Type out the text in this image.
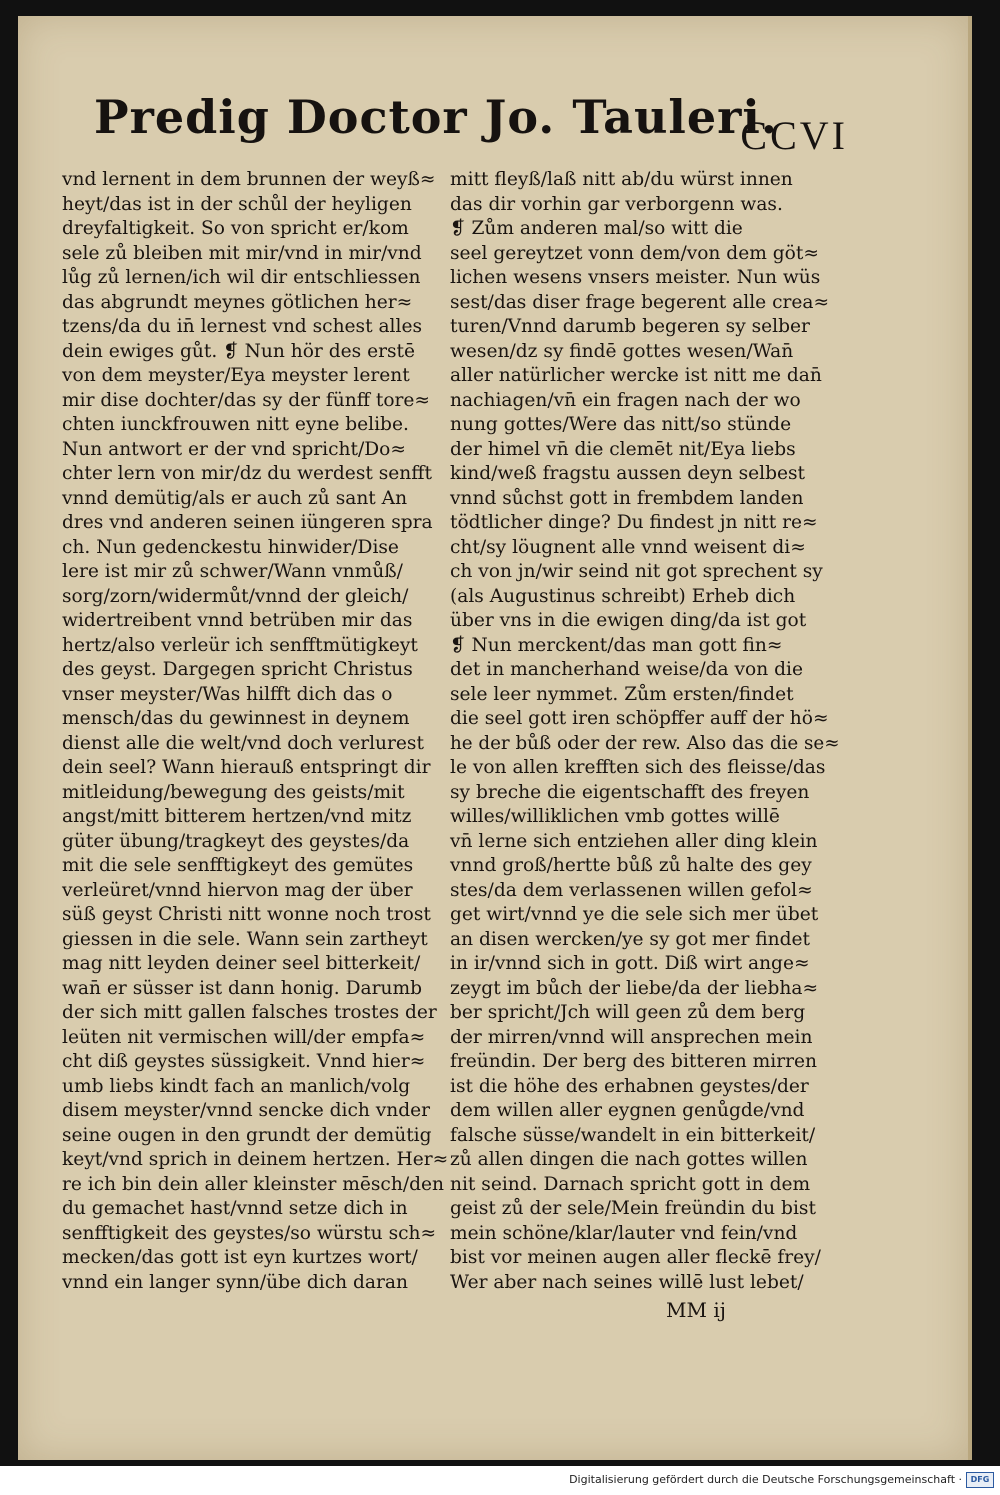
Predig Doctor Jo. Tauleri.
CCVI
vnd lernent in dem brunnen der weyß≈
heyt/das ist in der schůl der heyligen
dreyfaltigkeit. So von spricht er/kom
sele zů bleiben mit mir/vnd in mir/vnd
lůg zů lernen/ich wil dir entschliessen
das abgrundt meynes götlichen her≈
tzens/da du in̄ lernest vnd schest alles
dein ewiges gůt. ❡ Nun hör des erstē
von dem meyster/Eya meyster lerent
mir dise dochter/das sy der fünff tore≈
chten iunckfrouwen nitt eyne belibe.
Nun antwort er der vnd spricht/Do≈
chter lern von mir/dz du werdest senfft
vnnd demütig/als er auch zů sant An
dres vnd anderen seinen iüngeren spra
ch. Nun gedenckestu hinwider/Dise
lere ist mir zů schwer/Wann vnmůß/
sorg/zorn/widermůt/vnnd der gleich/
widertreibent vnnd betrüben mir das
hertz/also verleür ich senfftmütigkeyt
des geyst. Dargegen spricht Christus
vnser meyster/Was hilfft dich das o
mensch/das du gewinnest in deynem
dienst alle die welt/vnd doch verlurest
dein seel? Wann hierauß entspringt dir
mitleidung/bewegung des geists/mit
angst/mitt bitterem hertzen/vnd mitz
güter übung/tragkeyt des geystes/da
mit die sele senfftigkeyt des gemütes
verleüret/vnnd hiervon mag der über
süß geyst Christi nitt wonne noch trost
giessen in die sele. Wann sein zartheyt
mag nitt leyden deiner seel bitterkeit/
wan̄ er süsser ist dann honig. Darumb
der sich mitt gallen falsches trostes der
leüten nit vermischen will/der empfa≈
cht diß geystes süssigkeit. Vnnd hier≈
umb liebs kindt fach an manlich/volg
disem meyster/vnnd sencke dich vnder
seine ougen in den grundt der demütig
keyt/vnd sprich in deinem hertzen. Her≈
re ich bin dein aller kleinster mēsch/den
du gemachet hast/vnnd setze dich in
senfftigkeit des geystes/so würstu sch≈
mecken/das gott ist eyn kurtzes wort/
vnnd ein langer synn/übe dich daran
mitt fleyß/laß nitt ab/du würst innen
das dir vorhin gar verborgenn was.
❡ Zům anderen mal/so witt die
seel gereytzet vonn dem/von dem göt≈
lichen wesens vnsers meister. Nun wüs
sest/das diser frage begerent alle crea≈
turen/Vnnd darumb begeren sy selber
wesen/dz sy findē gottes wesen/Wan̄
aller natürlicher wercke ist nitt me dan̄
nachiagen/vn̄ ein fragen nach der wo
nung gottes/Were das nitt/so stünde
der himel vn̄ die clemēt nit/Eya liebs
kind/weß fragstu aussen deyn selbest
vnnd sůchst gott in frembdem landen
tödtlicher dinge? Du findest jn nitt re≈
cht/sy löugnent alle vnnd weisent di≈
ch von jn/wir seind nit got sprechent sy
(als Augustinus schreibt) Erheb dich
über vns in die ewigen ding/da ist got
❡ Nun merckent/das man gott fin≈
det in mancherhand weise/da von die
sele leer nymmet. Zům ersten/findet
die seel gott iren schöpffer auff der hö≈
he der bůß oder der rew. Also das die se≈
le von allen krefften sich des fleisse/das
sy breche die eigentschafft des freyen
willes/williklichen vmb gottes willē
vn̄ lerne sich entziehen aller ding klein
vnnd groß/hertte bůß zů halte des gey
stes/da dem verlassenen willen gefol≈
get wirt/vnnd ye die sele sich mer übet
an disen wercken/ye sy got mer findet
in ir/vnnd sich in gott. Diß wirt ange≈
zeygt im bůch der liebe/da der liebha≈
ber spricht/Jch will geen zů dem berg
der mirren/vnnd will ansprechen mein
freündin. Der berg des bitteren mirren
ist die höhe des erhabnen geystes/der
dem willen aller eygnen genůgde/vnd
falsche süsse/wandelt in ein bitterkeit/
zů allen dingen die nach gottes willen
nit seind. Darnach spricht gott in dem
geist zů der sele/Mein freündin du bist
mein schöne/klar/lauter vnd fein/vnd
bist vor meinen augen aller fleckē frey/
Wer aber nach seines willē lust lebet/
MM ij
Digitalisierung gefördert durch die Deutsche Forschungsgemeinschaft ·	DFG
